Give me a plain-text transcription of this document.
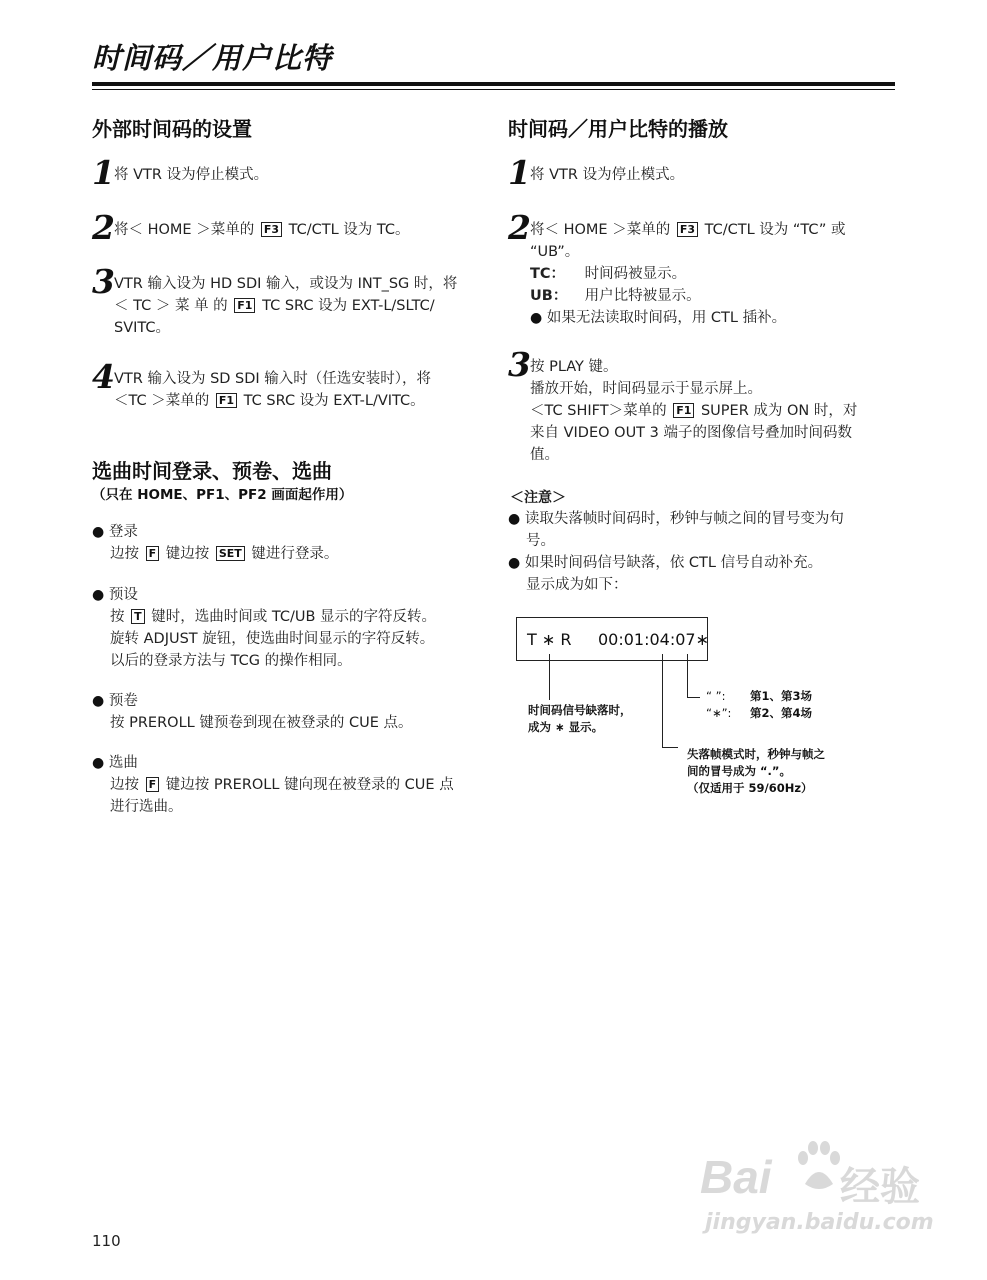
时间码／用户比特
外部时间码的设置
1 将 VTR 设为停止模式。
2 将＜ HOME ＞菜单的 F3 TC/CTL 设为 TC。
3 VTR 输入设为 HD SDI 输入，或设为 INT_SG 时，将
＜ TC ＞ 菜 单 的 F1 TC SRC 设为 EXT-L/SLTC/
SVITC。
4 VTR 输入设为 SD SDI 输入时（任选安装时），将
＜TC ＞菜单的 F1 TC SRC 设为 EXT-L/VITC。
选曲时间登录、预卷、选曲
（只在 HOME、PF1、PF2 画面起作用）
● 登录
边按 F 键边按 SET 键进行登录。
● 预设
按 T 键时，选曲时间或 TC/UB 显示的字符反转。
旋转 ADJUST 旋钮，使选曲时间显示的字符反转。
以后的登录方法与 TCG 的操作相同。
● 预卷
按 PREROLL 键预卷到现在被登录的 CUE 点。
● 选曲
边按 F 键边按 PREROLL 键向现在被登录的 CUE 点
进行选曲。
时间码／用户比特的播放
1 将 VTR 设为停止模式。
2 将＜ HOME ＞菜单的 F3 TC/CTL 设为 “TC” 或
“UB”。
TC： 时间码被显示。
UB： 用户比特被显示。
● 如果无法读取时间码，用 CTL 插补。
3 按 PLAY 键。
播放开始，时间码显示于显示屏上。
＜TC SHIFT＞菜单的 F1 SUPER 成为 ON 时，对
来自 VIDEO OUT 3 端子的图像信号叠加时间码数
值。
＜注意＞
● 读取失落帧时间码时，秒钟与帧之间的冒号变为句
号。
● 如果时间码信号缺落，依 CTL 信号自动补充。
显示成为如下：
T ∗ R 00:01:04:07∗
时间码信号缺落时，
成为 ∗ 显示。
“ ”: 第1、第3场
“∗”: 第2、第4场
失落帧模式时，秒钟与帧之
间的冒号成为 “.”。
（仅适用于 59/60Hz）
110
Bai 经验
jingyan.baidu.com
